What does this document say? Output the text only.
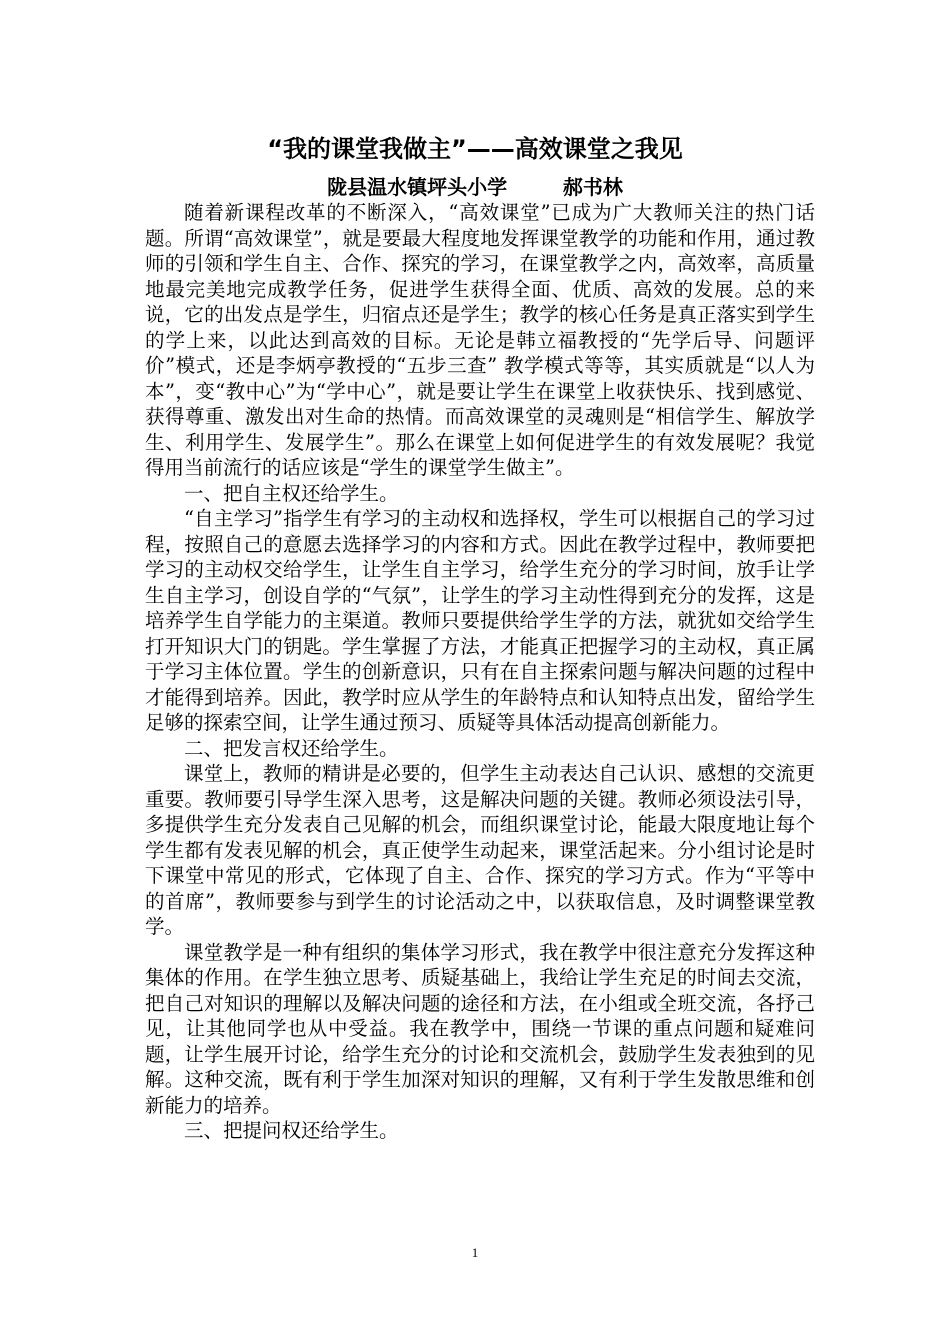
“我的课堂我做主”——高效课堂之我见
陇县温水镇坪头小学        郝书林

随着新课程改革的不断深入，“高效课堂”已成为广大教师关注的热门话题。所谓“高效课堂”，就是要最大程度地发挥课堂教学的功能和作用，通过教师的引领和学生自主、合作、探究的学习，在课堂教学之内，高效率，高质量地最完美地完成教学任务，促进学生获得全面、优质、高效的发展。总的来说，它的出发点是学生，归宿点还是学生；教学的核心任务是真正落实到学生的学上来，以此达到高效的目标。无论是韩立福教授的“先学后导、问题评价”模式，还是李炳亭教授的“五步三查” 教学模式等等，其实质就是“以人为本”，变“教中心”为“学中心”，就是要让学生在课堂上收获快乐、找到感觉、获得尊重、激发出对生命的热情。而高效课堂的灵魂则是“相信学生、解放学生、利用学生、发展学生”。那么在课堂上如何促进学生的有效发展呢？我觉得用当前流行的话应该是“学生的课堂学生做主”。

一、把自主权还给学生。

“自主学习”指学生有学习的主动权和选择权，学生可以根据自己的学习过程，按照自己的意愿去选择学习的内容和方式。因此在教学过程中，教师要把学习的主动权交给学生，让学生自主学习，给学生充分的学习时间，放手让学生自主学习，创设自学的“气氛”，让学生的学习主动性得到充分的发挥，这是培养学生自学能力的主渠道。教师只要提供给学生学的方法，就犹如交给学生打开知识大门的钥匙。学生掌握了方法，才能真正把握学习的主动权，真正属于学习主体位置。学生的创新意识，只有在自主探索问题与解决问题的过程中才能得到培养。因此，教学时应从学生的年龄特点和认知特点出发，留给学生足够的探索空间，让学生通过预习、质疑等具体活动提高创新能力。

二、把发言权还给学生。

课堂上，教师的精讲是必要的，但学生主动表达自己认识、感想的交流更重要。教师要引导学生深入思考，这是解决问题的关键。教师必须设法引导，多提供学生充分发表自己见解的机会，而组织课堂讨论，能最大限度地让每个学生都有发表见解的机会，真正使学生动起来，课堂活起来。分小组讨论是时下课堂中常见的形式，它体现了自主、合作、探究的学习方式。作为“平等中的首席”，教师要参与到学生的讨论活动之中，以获取信息，及时调整课堂教学。

课堂教学是一种有组织的集体学习形式，我在教学中很注意充分发挥这种集体的作用。在学生独立思考、质疑基础上，我给让学生充足的时间去交流，把自己对知识的理解以及解决问题的途径和方法，在小组或全班交流，各抒己见，让其他同学也从中受益。我在教学中，围绕一节课的重点问题和疑难问题，让学生展开讨论，给学生充分的讨论和交流机会，鼓励学生发表独到的见解。这种交流，既有利于学生加深对知识的理解，又有利于学生发散思维和创新能力的培养。

三、把提问权还给学生。

1
